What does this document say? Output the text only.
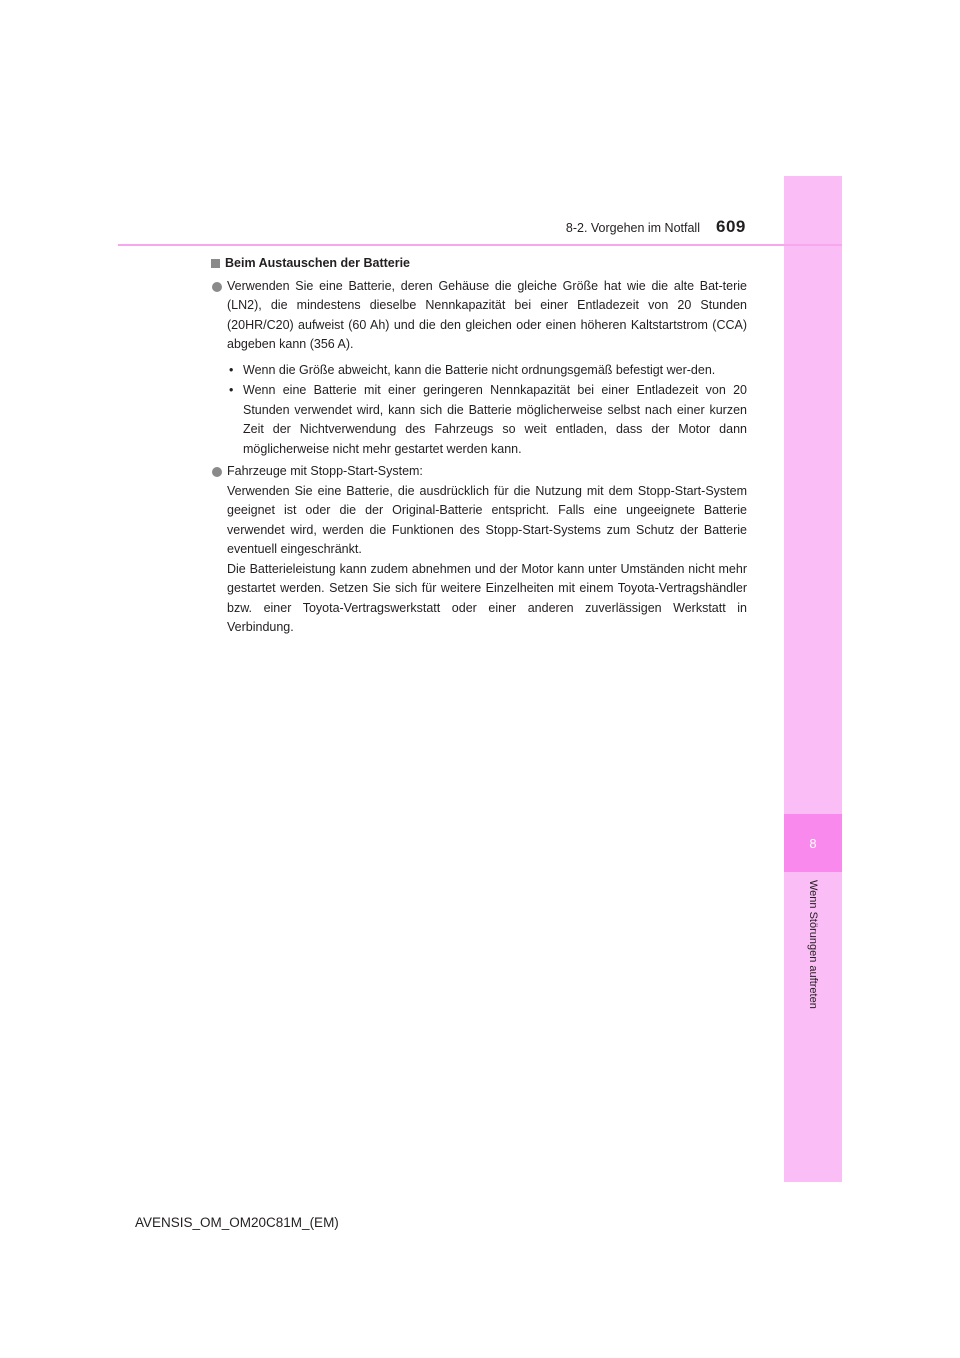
8
Wenn Störungen auftreten
8-2. Vorgehen im Notfall 609
Beim Austauschen der Batterie
Verwenden Sie eine Batterie, deren Gehäuse die gleiche Größe hat wie die alte Bat-terie (LN2), die mindestens dieselbe Nennkapazität bei einer Entladezeit von 20 Stunden (20HR/C20) aufweist (60 Ah) und die den gleichen oder einen höheren Kaltstartstrom (CCA) abgeben kann (356 A).
• Wenn die Größe abweicht, kann die Batterie nicht ordnungsgemäß befestigt wer-den.
• Wenn eine Batterie mit einer geringeren Nennkapazität bei einer Entladezeit von 20 Stunden verwendet wird, kann sich die Batterie möglicherweise selbst nach einer kurzen Zeit der Nichtverwendung des Fahrzeugs so weit entladen, dass der Motor dann möglicherweise nicht mehr gestartet werden kann.
Fahrzeuge mit Stopp-Start-System:
Verwenden Sie eine Batterie, die ausdrücklich für die Nutzung mit dem Stopp-Start-System geeignet ist oder die der Original-Batterie entspricht. Falls eine ungeeignete Batterie verwendet wird, werden die Funktionen des Stopp-Start-Systems zum Schutz der Batterie eventuell eingeschränkt.
Die Batterieleistung kann zudem abnehmen und der Motor kann unter Umständen nicht mehr gestartet werden. Setzen Sie sich für weitere Einzelheiten mit einem Toyota-Vertragshändler bzw. einer Toyota-Vertragswerkstatt oder einer anderen zuverlässigen Werkstatt in Verbindung.
AVENSIS_OM_OM20C81M_(EM)
